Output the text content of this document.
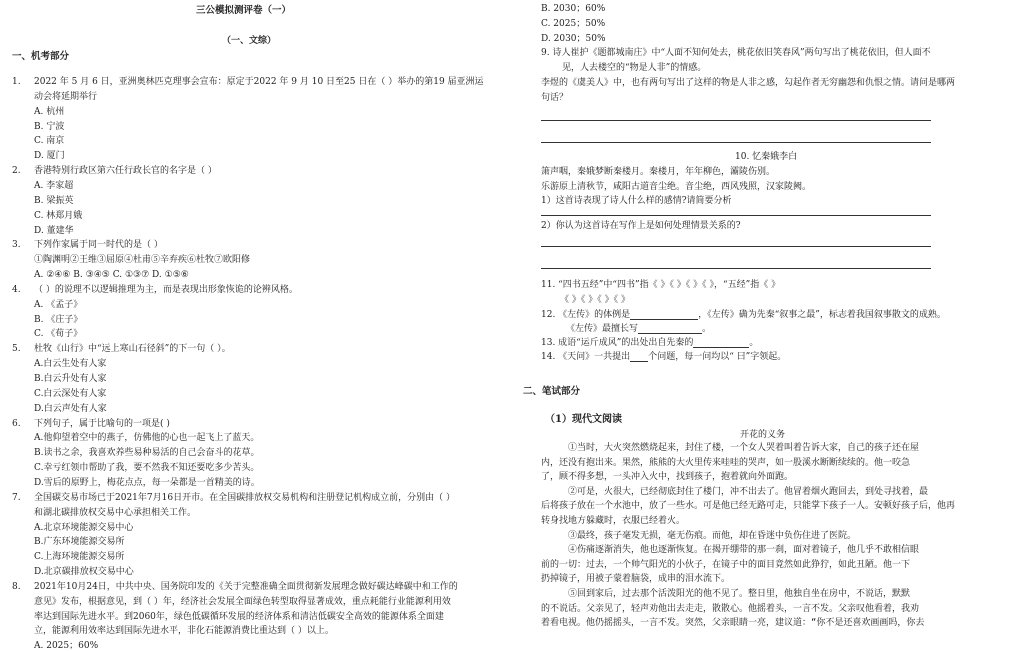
三公模拟测评卷（一）
（一、文综）
一、机考部分
1. 2022 年 5 月 6 日，亚洲奥林匹克理事会宣布：原定于2022 年 9 月 10 日至25 日在（ ）举办的第19 届亚洲运
动会将延期举行
A. 杭州
B. 宁波
C. 南京
D. 厦门
2. 香港特别行政区第六任行政长官的名字是（ ）
A. 李家超
B. 梁振英
C. 林郑月娥
D. 董建华
3. 下列作家属于同一时代的是（ ）
①陶渊明②王维③屈原④杜甫⑤辛弃疾⑥杜牧⑦欧阳修
A. ②④⑥ B. ③④⑤ C. ①③⑦ D. ①⑤⑥
4. （ ）的说理不以逻辑推理为主，而是表现出形象恢诡的论辨风格。
A. 《孟子》
B. 《庄子》
C. 《荀子》
5. 杜牧《山行》中“远上寒山石径斜”的下一句（ ）。
A.白云生处有人家
B.白云升处有人家
C.白云深处有人家
D.白云声处有人家
6. 下列句子，属于比喻句的一项是( )
A.他仰望着空中的燕子，仿佛他的心也一起飞上了蓝天。
B.读书之余，我喜欢养些易种易活的自己会奋斗的花草。
C.幸亏红领巾帮助了我，要不然我不知还要吃多少苦头。
D.雪后的原野上，梅花点点，每一朵都是一首精美的诗。
7. 全国碳交易市场已于2021年7月16日开市。在全国碳排放权交易机构和注册登记机构成立前，分别由（ ）
和湖北碳排放权交易中心承担相关工作。
A.北京环境能源交易中心
B.广东环境能源交易所
C.上海环境能源交易所
D.北京碳排放权交易中心
8. 2021年10月24日，中共中央、国务院印发的《关于完整准确全面贯彻新发展理念做好碳达峰碳中和工作的
意见》发布，根据意见，到（ ）年，经济社会发展全面绿色转型取得显著成效，重点耗能行业能源利用效
率达到国际先进水平。到2060年，绿色低碳循环发展的经济体系和清洁低碳安全高效的能源体系全面建
立，能源利用效率达到国际先进水平，非化石能源消费比重达到（ ）以上。
A. 2025；60%
B. 2030；60%
C. 2025；50%
D. 2030；50%
9. 诗人崔护《题都城南庄》中“人面不知何处去，桃花依旧笑春风”两句写出了桃花依旧，但人面不
见，人去楼空的“物是人非”的情感。
李煜的《虞美人》中，也有两句写出了这样的物是人非之感，勾起作者无穷幽怨和仇恨之情。请问是哪两
句话？
10. 忆秦娥李白
箫声咽，秦娥梦断秦楼月。秦楼月，年年柳色，灞陵伤别。
乐游原上清秋节，咸阳古道音尘绝。音尘绝，西风残照，汉家陵阙。
1）这首诗表现了诗人什么样的感情?请简要分析
2）你认为这首诗在写作上是如何处理情景关系的?
11. “四书五经”中“四书”指《 》《 》《 》《 》，“五经”指《 》
《 》《 》《 》《 》
12. 《左传》的体例是	，《左传》确为先秦“叙事之最”，标志着我国叙事散文的成熟。
《左传》最擅长写	。
13. 成语“运斤成风”的出处出自先秦的	。
14. 《天问》一共提出 个问题，每一问均以“ 曰”字领起。
二、笔试部分
（1）现代文阅读
开花的义务
①当时，大火突然燃烧起来，封住了楼，一个女人哭着叫着告诉大家，自己的孩子还在屋
内，还没有抱出来。果然，熊熊的大火里传来哇哇的哭声，如一股溪水断断续续的。他一咬急
了，顾不得多想，一头冲入火中，找到孩子，抱着就向外面跑。
②可是，火很大，已经彻底封住了楼门，冲不出去了。他冒着烟火跑回去，到处寻找着，最
后将孩子放在一个水池中，放了一些水。可是他已经无路可走，只能掌下孩子一人。安顿好孩子后，他再
转身找地方躲藏时，衣服已经着火。
③最终，孩子毫发无损，毫无伤痕。而他，却在昏迷中负伤住进了医院。
④伤痛逐渐消失，他也逐渐恢复。在揭开绷带的那一刹，面对着镜子，他几乎不敢相信眼
前的一切：过去，一个帅气阳光的小伙子，在镜子中的面目竟然如此狰狞，如此丑陋。他一下
扔掉镜子，用被子蒙着脑袋，成串的泪水流下。
⑤回到家后，过去那个活泼阳光的他不见了。整日里，他独自坐在房中，不说话，默默
的不说话。父亲见了，轻声劝他出去走走，散散心。他摇着头，一言不发。父亲叹他看着，我劝
着看电视。他仍摇摇头，一言不发。突然，父亲眼睛一亮，建议道：“你不是还喜欢画画吗，你去
